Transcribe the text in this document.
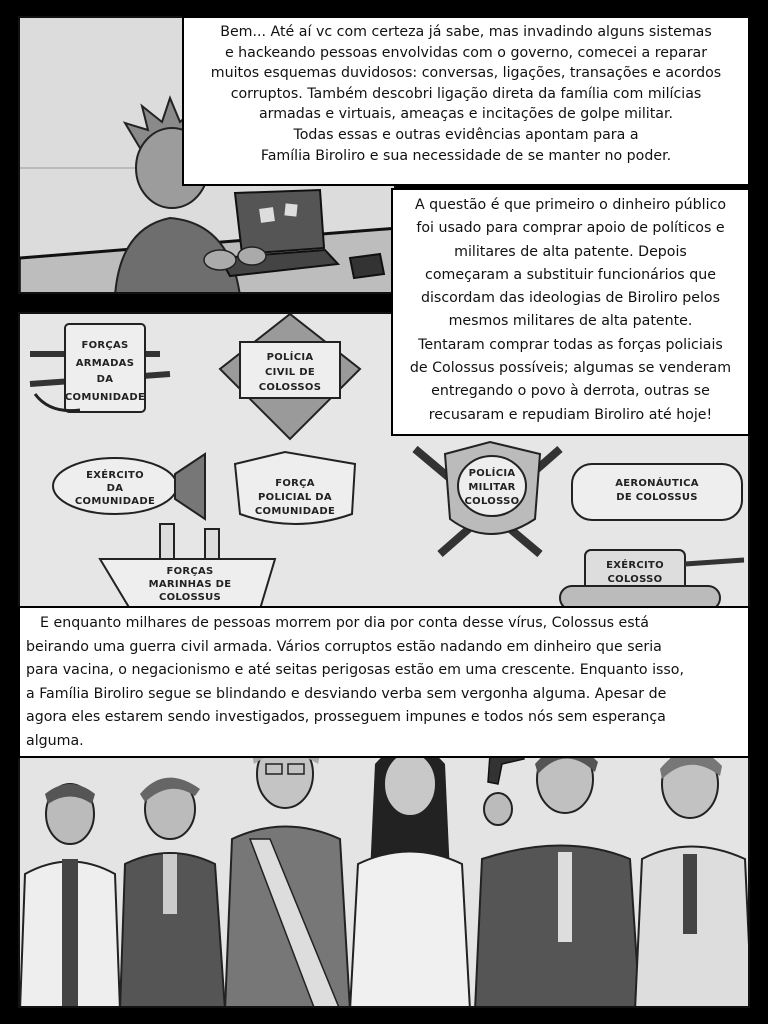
Bem... Até aí vc com certeza já sabe, mas invadindo alguns sistemas
e hackeando pessoas envolvidas com o governo, comecei a reparar
muitos esquemas duvidosos: conversas, ligações, transações e acordos
corruptos. Também descobri ligação direta da família com milícias
armadas e virtuais, ameaças e incitações de golpe militar.
Todas essas e outras evidências apontam para a
Família Biroliro e sua necessidade de se manter no poder.
FORÇAS
ARMADAS
DA
COMUNIDADE
POLÍCIA
CIVIL DE
COLOSSOS
EXÉRCITO
DA
COMUNIDADE
FORÇA
POLICIAL DA
COMUNIDADE
FORÇAS
MARINHAS DE
COLOSSUS
POLÍCIA
MILITAR
COLOSSO
AERONÁUTICA
DE COLOSSUS
EXÉRCITO
COLOSSO
A questão é que primeiro o dinheiro público
foi usado para comprar apoio de políticos e
militares de alta patente. Depois
começaram a substituir funcionários que
discordam das ideologias de Biroliro pelos
mesmos militares de alta patente.
Tentaram comprar todas as forças policiais
de Colossus possíveis; algumas se venderam
entregando o povo à derrota, outras se
recusaram e repudiam Biroliro até hoje!
E enquanto milhares de pessoas morrem por dia por conta desse vírus, Colossus está
beirando uma guerra civil armada. Vários corruptos estão nadando em dinheiro que seria
para vacina, o negacionismo e até seitas perigosas estão em uma crescente. Enquanto isso,
a Família Biroliro segue se blindando e desviando verba sem vergonha alguma. Apesar de
agora eles estarem sendo investigados, prosseguem impunes e todos nós sem esperança
alguma.
